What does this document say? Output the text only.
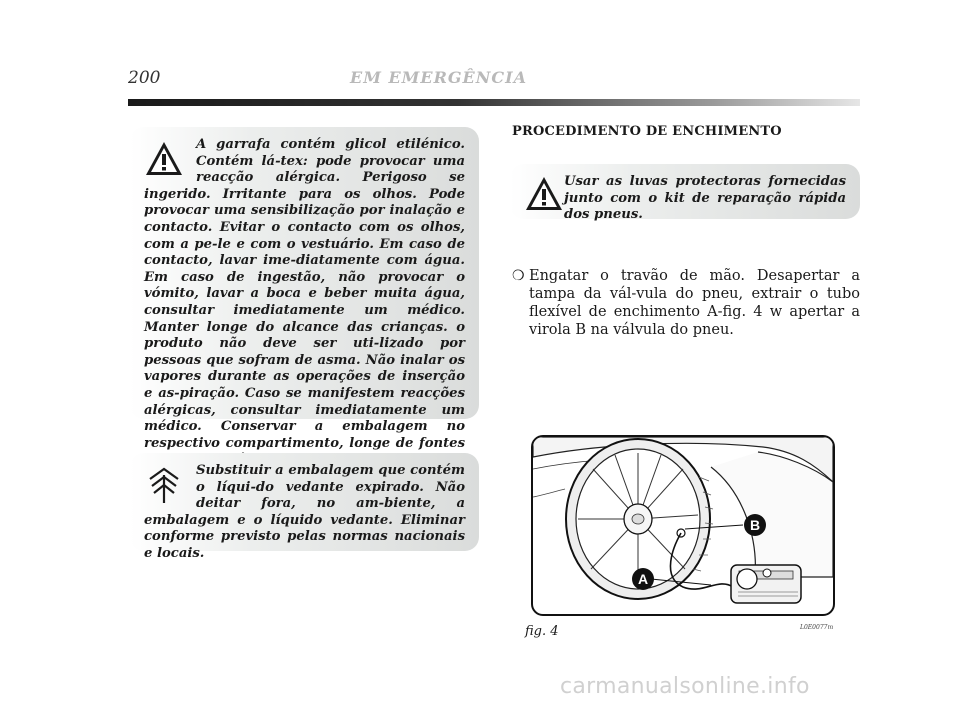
200	EM EMERGÊNCIA
A garrafa contém glicol etilénico. Contém lá-tex: pode provocar uma reacção alérgica. Perigoso se ingerido. Irritante para os olhos. Pode provocar uma sensibilização por inalação e contacto. Evitar o contacto com os olhos, com a pe-le e com o vestuário. Em caso de contacto, lavar ime-diatamente com água. Em caso de ingestão, não provocar o vómito, lavar a boca e beber muita água, consultar imediatamente um médico. Manter longe do alcance das crianças. o produto não deve ser uti-lizado por pessoas que sofram de asma. Não inalar os vapores durante as operações de inserção e as-piração. Caso se manifestem reacções alérgicas, consultar imediatamente um médico. Conservar a embalagem no respectivo compartimento, longe de fontes
Substituir a embalagem que contém o líqui-do vedante expirado. Não deitar fora, no am-biente, a embalagem e o líquido vedante. Eliminar conforme previsto pelas normas nacionais e locais.
PROCEDIMENTO DE ENCHIMENTO
Usar as luvas protectoras fornecidas junto com o kit de reparação rápida dos pneus.
❍ Engatar o travão de mão. Desapertar a tampa da vál-vula do pneu, extrair o tubo flexível de enchimento A-fig. 4 w apertar a virola B na válvula do pneu.
A
B
fig. 4	L0E0077m
carmanualsonline.info
